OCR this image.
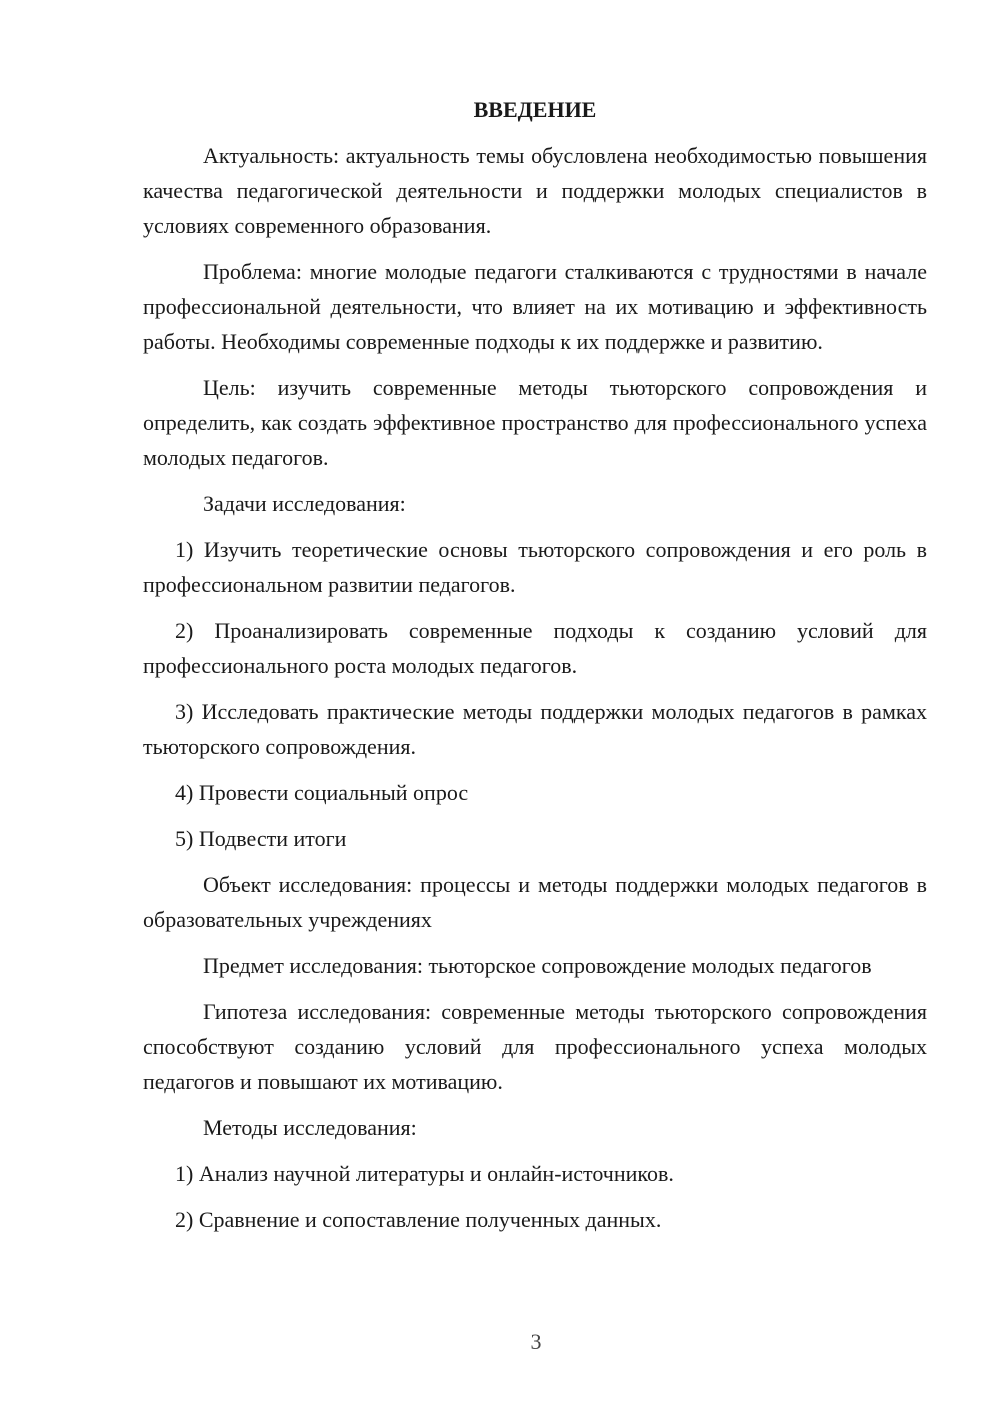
ВВЕДЕНИЕ

Актуальность: актуальность темы обусловлена необходимостью повышения качества педагогической деятельности и поддержки молодых специалистов в условиях современного образования.

Проблема: многие молодые педагоги сталкиваются с трудностями в начале профессиональной деятельности, что влияет на их мотивацию и эффективность работы. Необходимы современные подходы к их поддержке и развитию.

Цель: изучить современные методы тьюторского сопровождения и определить, как создать эффективное пространство для профессионального успеха молодых педагогов.

Задачи исследования:

1) Изучить теоретические основы тьюторского сопровождения и его роль в профессиональном развитии педагогов.

2) Проанализировать современные подходы к созданию условий для профессионального роста молодых педагогов.

3) Исследовать практические методы поддержки молодых педагогов в рамках тьюторского сопровождения.

4) Провести социальный опрос

5) Подвести итоги

Объект исследования: процессы и методы поддержки молодых педагогов в образовательных учреждениях

Предмет исследования: тьюторское сопровождение молодых педагогов

Гипотеза исследования: современные методы тьюторского сопровождения способствуют созданию условий для профессионального успеха молодых педагогов и повышают их мотивацию.

Методы исследования:

1) Анализ научной литературы и онлайн-источников.

2) Сравнение и сопоставление полученных данных.

3
